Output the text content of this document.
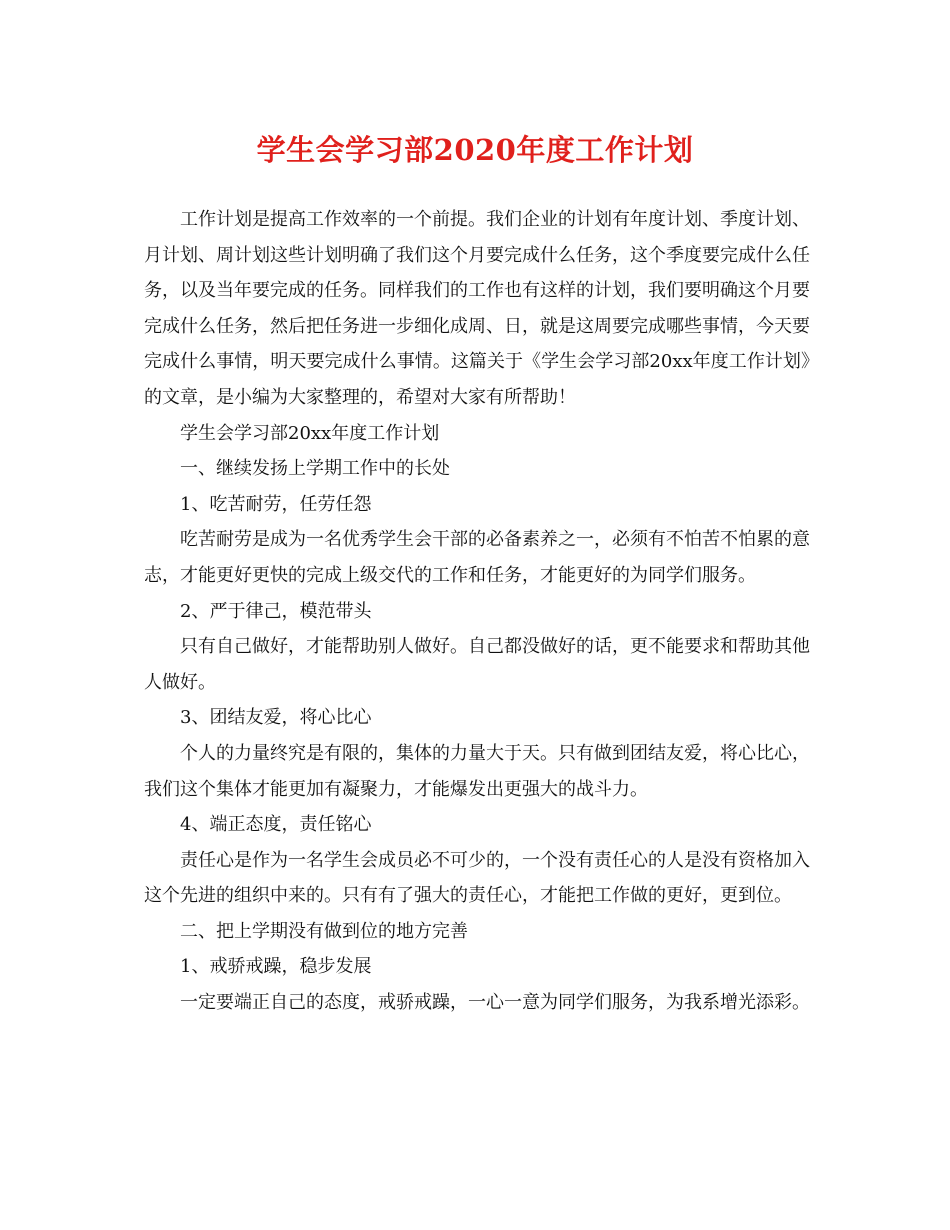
学生会学习部2020年度工作计划

工作计划是提高工作效率的一个前提。我们企业的计划有年度计划、季度计划、月计划、周计划这些计划明确了我们这个月要完成什么任务，这个季度要完成什么任务，以及当年要完成的任务。同样我们的工作也有这样的计划，我们要明确这个月要完成什么任务，然后把任务进一步细化成周、日，就是这周要完成哪些事情，今天要完成什么事情，明天要完成什么事情。这篇关于《学生会学习部20xx年度工作计划》的文章，是小编为大家整理的，希望对大家有所帮助！

学生会学习部20xx年度工作计划

一、继续发扬上学期工作中的长处

1、吃苦耐劳，任劳任怨

吃苦耐劳是成为一名优秀学生会干部的必备素养之一，必须有不怕苦不怕累的意志，才能更好更快的完成上级交代的工作和任务，才能更好的为同学们服务。

2、严于律己，模范带头

只有自己做好，才能帮助别人做好。自己都没做好的话，更不能要求和帮助其他人做好。

3、团结友爱，将心比心

个人的力量终究是有限的，集体的力量大于天。只有做到团结友爱，将心比心，我们这个集体才能更加有凝聚力，才能爆发出更强大的战斗力。

4、端正态度，责任铭心

责任心是作为一名学生会成员必不可少的，一个没有责任心的人是没有资格加入这个先进的组织中来的。只有有了强大的责任心，才能把工作做的更好，更到位。

二、把上学期没有做到位的地方完善

1、戒骄戒躁，稳步发展

一定要端正自己的态度，戒骄戒躁，一心一意为同学们服务，为我系增光添彩。
